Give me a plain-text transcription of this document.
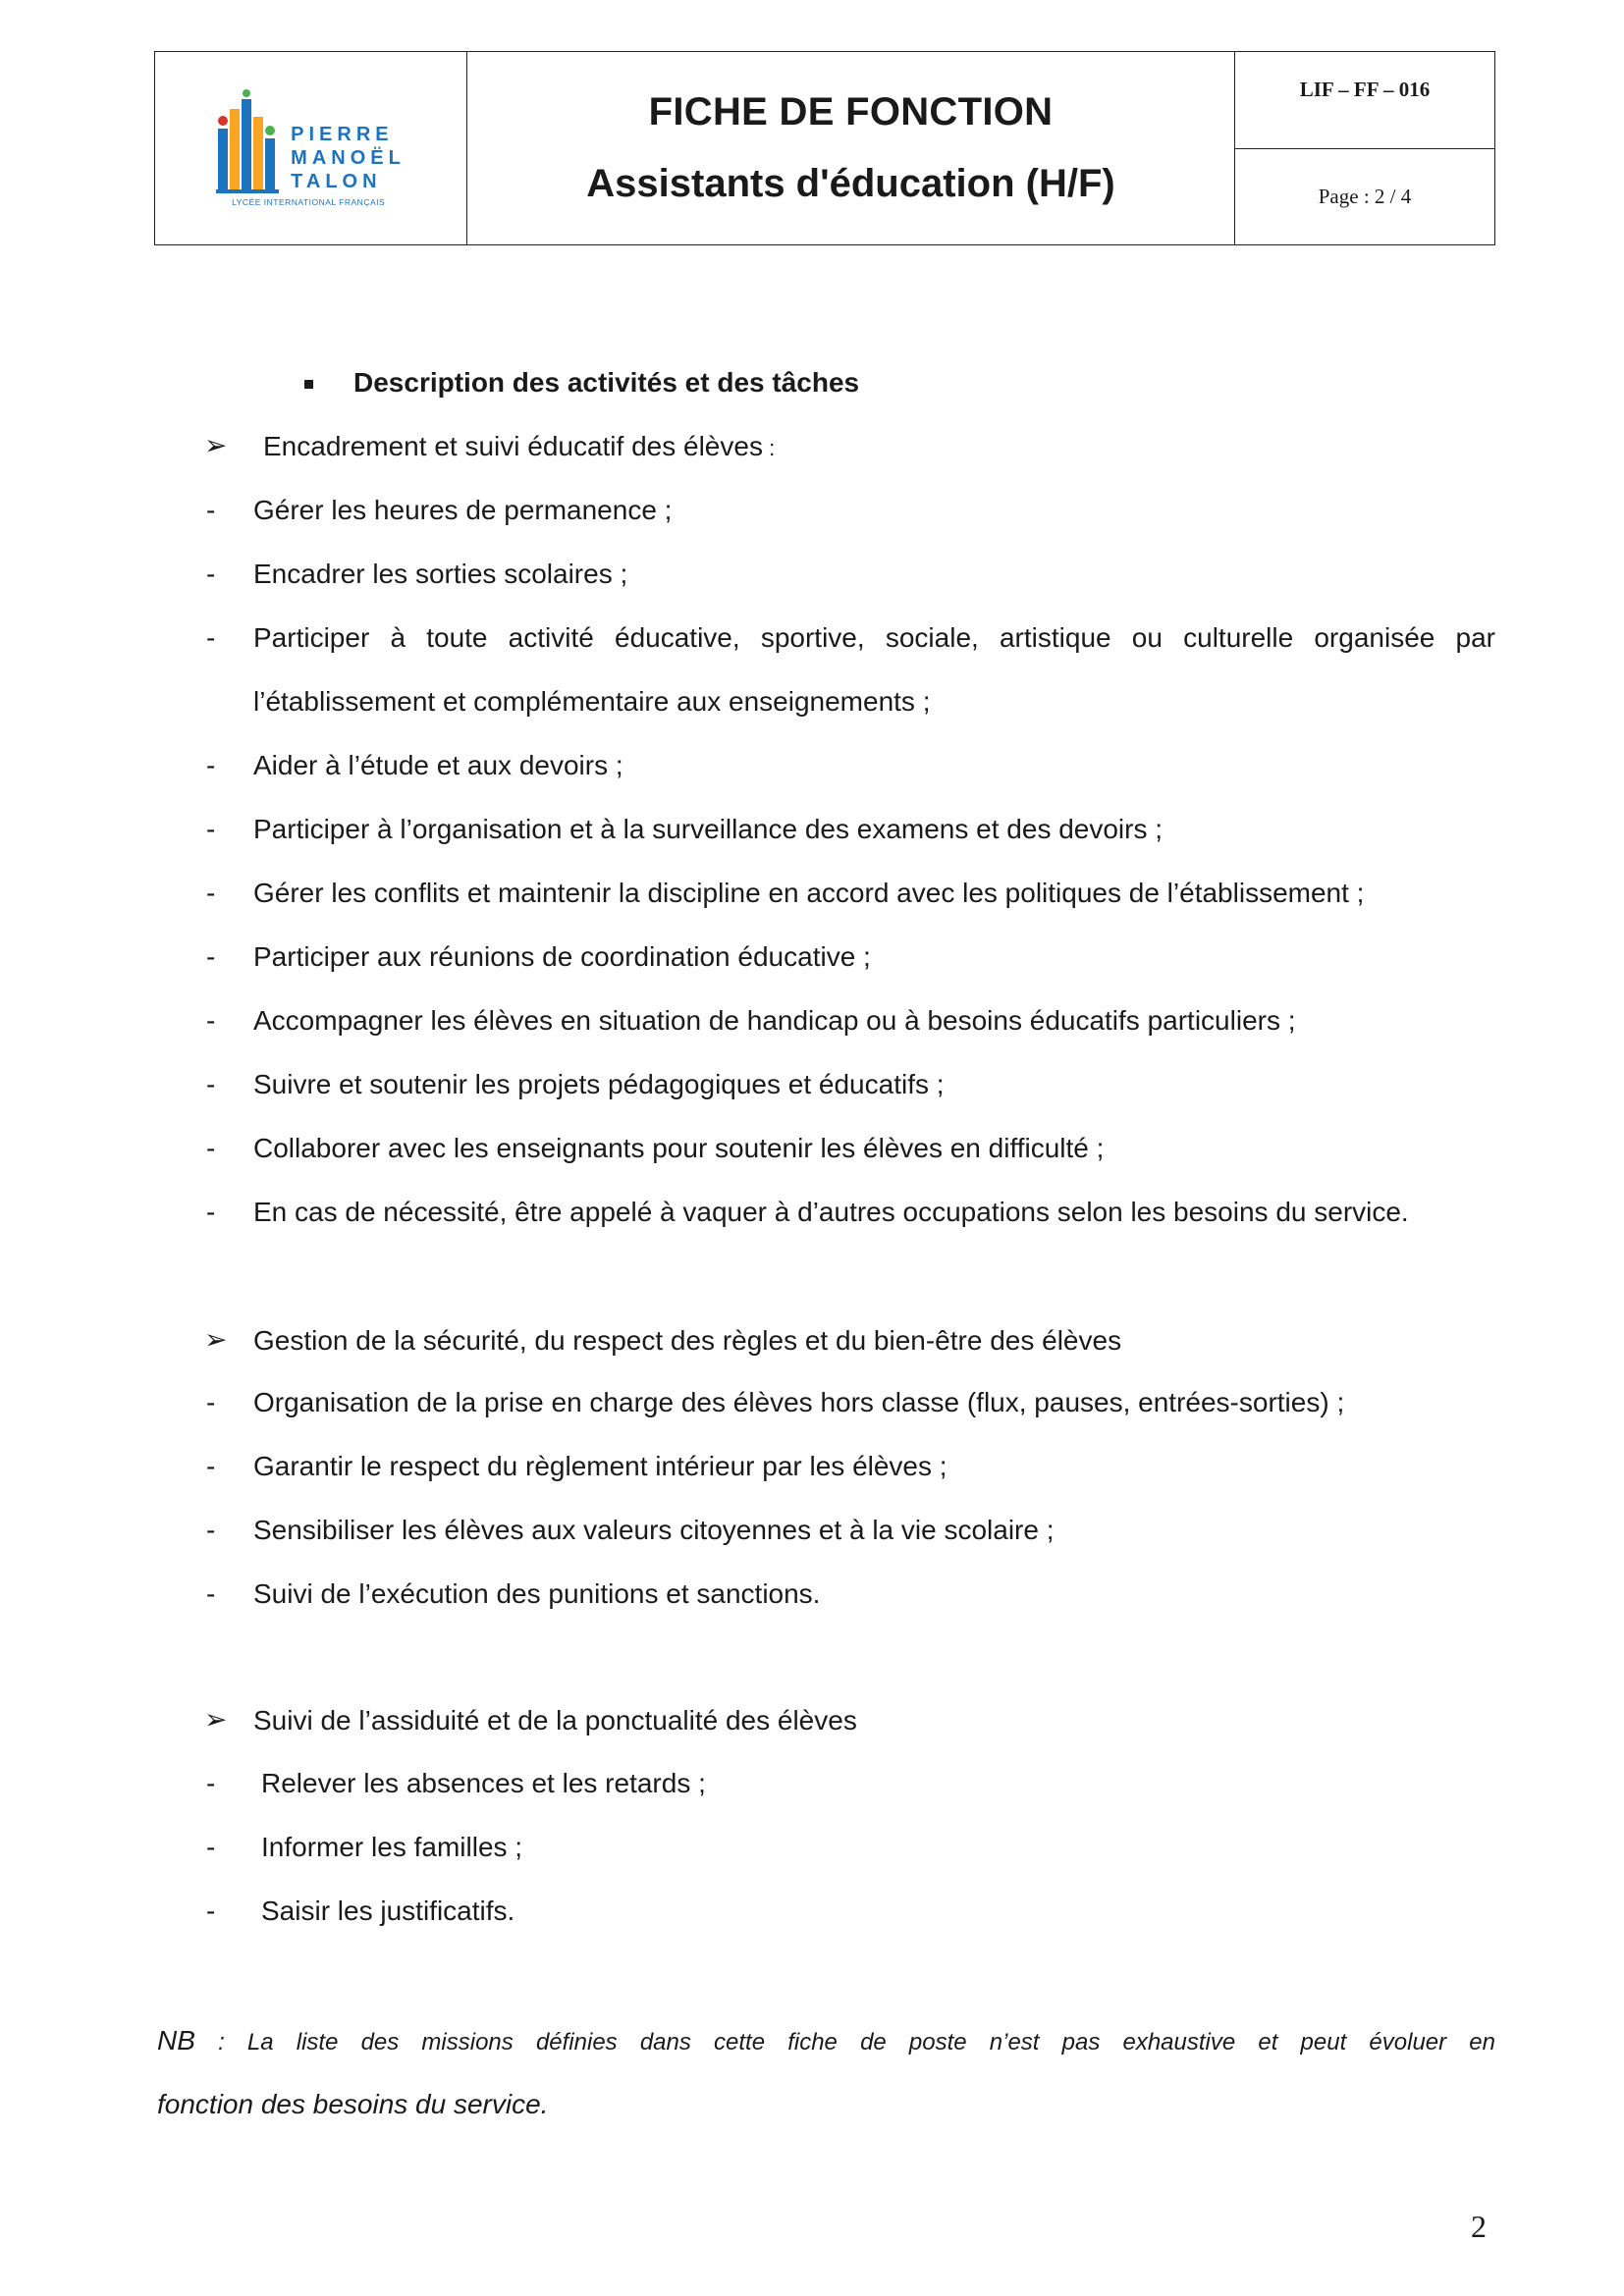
PIERRE
MANOËL
TALON
LYCÉE INTERNATIONAL FRANÇAIS
FICHE DE FONCTION
Assistants d'éducation (H/F)
LIF – FF – 016
Page : 2 / 4
Description des activités et des tâches
➢ Encadrement et suivi éducatif des élèves :
- Gérer les heures de permanence ;
- Encadrer les sorties scolaires ;
- Participer à toute activité éducative, sportive, sociale, artistique ou culturelle organisée par
l’établissement et complémentaire aux enseignements ;
- Aider à l’étude et aux devoirs ;
- Participer à l’organisation et à la surveillance des examens et des devoirs ;
- Gérer les conflits et maintenir la discipline en accord avec les politiques de l’établissement ;
- Participer aux réunions de coordination éducative ;
- Accompagner les élèves en situation de handicap ou à besoins éducatifs particuliers ;
- Suivre et soutenir les projets pédagogiques et éducatifs ;
- Collaborer avec les enseignants pour soutenir les élèves en difficulté ;
- En cas de nécessité, être appelé à vaquer à d’autres occupations selon les besoins du service.
➢ Gestion de la sécurité, du respect des règles et du bien-être des élèves
- Organisation de la prise en charge des élèves hors classe (flux, pauses, entrées-sorties) ;
- Garantir le respect du règlement intérieur par les élèves ;
- Sensibiliser les élèves aux valeurs citoyennes et à la vie scolaire ;
- Suivi de l’exécution des punitions et sanctions.
➢ Suivi de l’assiduité et de la ponctualité des élèves
- Relever les absences et les retards ;
- Informer les familles ;
- Saisir les justificatifs.
NB : La liste des missions définies dans cette fiche de poste n’est pas exhaustive et peut évoluer en
fonction des besoins du service.
2
